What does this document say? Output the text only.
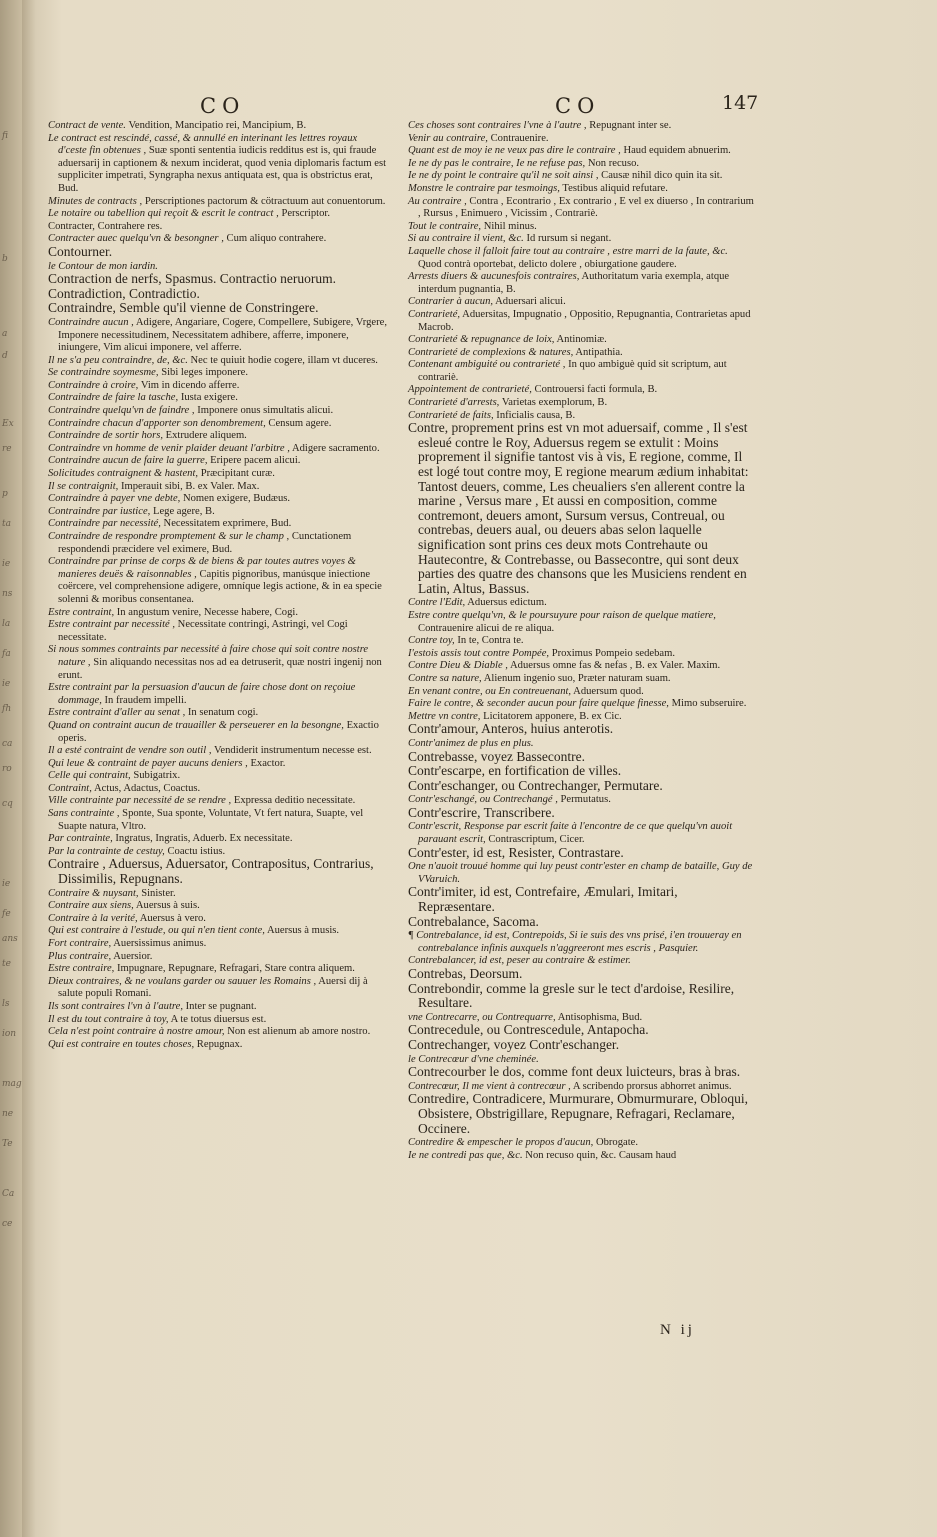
fi
b
a
d
Ex
re
p
ta
ie
ns
la
fa
ie
fh
ca
ro
cq
ie
fe
ans
te
ls
ion
mag
ne
Te
Ca
ce
CO	CO	147

Contract de vente. Vendition, Mancipatio rei, Mancipium, B.

Le contract est rescindé, cassé, & annullé en interinant les lettres royaux d'ceste fin obtenues , Suæ sponti sententia iudicis redditus est is, qui fraude aduersarij in captionem & nexum inciderat, quod venia diplomaris factum est suppliciter impetrati, Syngrapha nexus antiquata est, qua is obstrictus erat, Bud.

Minutes de contracts , Perscriptiones pactorum & cötractuum aut conuentorum.

Le notaire ou tabellion qui reçoit & escrit le contract , Perscriptor.

Contracter, Contrahere res.

Contracter auec quelqu'vn & besongner , Cum aliquo contrahere.

Contourner.

le Contour de mon iardin.

Contraction de nerfs, Spasmus. Contractio neruorum.

Contradiction, Contradictio.

Contraindre, Semble qu'il vienne de Constringere.

Contraindre aucun , Adigere, Angariare, Cogere, Compellere, Subigere, Vrgere, Imponere necessitudinem, Necessitatem adhibere, afferre, imponere, iniungere, Vim alicui imponere, vel afferre.

Il ne s'a peu contraindre, de, &c. Nec te quiuit hodie cogere, illam vt duceres.

Se contraindre soymesme, Sibi leges imponere.

Contraindre à croire, Vim in dicendo afferre.

Contraindre de faire la tasche, Iusta exigere.

Contraindre quelqu'vn de faindre , Imponere onus simultatis alicui.

Contraindre chacun d'apporter son denombrement, Censum agere.

Contraindre de sortir hors, Extrudere aliquem.

Contraindre vn homme de venir plaider deuant l'arbitre , Adigere sacramento.

Contraindre aucun de faire la guerre, Eripere pacem alicui.

Solicitudes contraignent & hastent, Præcipitant curæ.

Il se contraignit, Imperauit sibi, B. ex Valer. Max.

Contraindre à payer vne debte, Nomen exigere, Budæus.

Contraindre par iustice, Lege agere, B.

Contraindre par necessité, Necessitatem exprimere, Bud.

Contraindre de respondre promptement & sur le champ , Cunctationem respondendi præcidere vel eximere, Bud.

Contraindre par prinse de corps & de biens & par toutes autres voyes & manieres deuës & raisonnables , Capitis pignoribus, manúsque iniectione coërcere, vel comprehensione adigere, omníque legis actione, & in ea specie solenni & moribus consentanea.

Estre contraint, In angustum venire, Necesse habere, Cogi.

Estre contraint par necessité , Necessitate contringi, Astringi, vel Cogi necessitate.

Si nous sommes contraints par necessité à faire chose qui soit contre nostre nature , Sin aliquando necessitas nos ad ea detruserit, quæ nostri ingenij non erunt.

Estre contraint par la persuasion d'aucun de faire chose dont on reçoiue dommage, In fraudem impelli.

Estre contraint d'aller au senat , In senatum cogi.

Quand on contraint aucun de trauailler & perseuerer en la besongne, Exactio operis.

Il a esté contraint de vendre son outil , Vendiderit instrumentum necesse est.

Qui leue & contraint de payer aucuns deniers , Exactor.

Celle qui contraint, Subigatrix.

Contraint, Actus, Adactus, Coactus.

Ville contrainte par necessité de se rendre , Expressa deditio necessitate.

Sans contrainte , Sponte, Sua sponte, Voluntate, Vt fert natura, Suapte, vel Suapte natura, Vltro.

Par contrainte, Ingratus, Ingratis, Aduerb. Ex necessitate.

Par la contrainte de cestuy, Coactu istius.

Contraire , Aduersus, Aduersator, Contrapositus, Contrarius, Dissimilis, Repugnans.

Contraire & nuysant, Sinister.

Contraire aux siens, Auersus à suis.

Contraire à la verité, Auersus à vero.

Qui est contraire à l'estude, ou qui n'en tient conte, Auersus à musis.

Fort contraire, Auersissimus animus.

Plus contraire, Auersior.

Estre contraire, Impugnare, Repugnare, Refragari, Stare contra aliquem.

Dieux contraires, & ne voulans garder ou sauuer les Romains , Auersi dij à salute populi Romani.

Ils sont contraires l'vn à l'autre, Inter se pugnant.

Il est du tout contraire à toy, A te totus diuersus est.

Cela n'est point contraire à nostre amour, Non est alienum ab amore nostro.

Qui est contraire en toutes choses, Repugnax.

Ces choses sont contraires l'vne à l'autre , Repugnant inter se.

Venir au contraire, Contrauenire.

Quant est de moy ie ne veux pas dire le contraire , Haud equidem abnuerim.

Ie ne dy pas le contraire, Ie ne refuse pas, Non recuso.

Ie ne dy point le contraire qu'il ne soit ainsi , Causæ nihil dico quin ita sit.

Monstre le contraire par tesmoings, Testibus aliquid refutare.

Au contraire , Contra , Econtrario , Ex contrario , E vel ex diuerso , In contrarium , Rursus , Enimuero , Vicissim , Contrariè.

Tout le contraire, Nihil minus.

Si au contraire il vient, &c. Id rursum si negant.

Laquelle chose il falloit faire tout au contraire , estre marri de la faute, &c. Quod contrà oportebat, delicto dolere , obiurgatione gaudere.

Arrests diuers & aucunesfois contraires, Authoritatum varia exempla, atque interdum pugnantia, B.

Contrarier à aucun, Aduersari alicui.

Contrarieté, Aduersitas, Impugnatio , Oppositio, Repugnantia, Contrarietas apud Macrob.

Contrarieté & repugnance de loix, Antinomiæ.

Contrarieté de complexions & natures, Antipathia.

Contenant ambiguité ou contrarieté , In quo ambiguè quid sit scriptum, aut contrariè.

Appointement de contrarieté, Controuersi facti formula, B.

Contrarieté d'arrests, Varietas exemplorum, B.

Contrarieté de faits, Inficialis causa, B.

Contre, proprement prins est vn mot aduersaif, comme , Il s'est esleué contre le Roy, Aduersus regem se extulit : Moins proprement il signifie tantost vis à vis, E regione, comme, Il est logé tout contre moy, E regione mearum ædium inhabitat: Tantost deuers, comme, Les cheualiers s'en allerent contre la marine , Versus mare , Et aussi en composition, comme contremont, deuers amont, Sursum versus, Contreual, ou contrebas, deuers aual, ou deuers abas selon laquelle signification sont prins ces deux mots Contrehaute ou Hautecontre, & Contrebasse, ou Bassecontre, qui sont deux parties des quatre des chansons que les Musiciens rendent en Latin, Altus, Bassus.

Contre l'Edit, Aduersus edictum.

Estre contre quelqu'vn, & le poursuyure pour raison de quelque matiere, Contrauenire alicui de re aliqua.

Contre toy, In te, Contra te.

I'estois assis tout contre Pompée, Proximus Pompeio sedebam.

Contre Dieu & Diable , Aduersus omne fas & nefas , B. ex Valer. Maxim.

Contre sa nature, Alienum ingenio suo, Præter naturam suam.

En venant contre, ou En contreuenant, Aduersum quod.

Faire le contre, & seconder aucun pour faire quelque finesse, Mimo subseruire.

Mettre vn contre, Licitatorem apponere, B. ex Cic.

Contr'amour, Anteros, huius anterotis.

Contr'animez de plus en plus.

Contrebasse, voyez Bassecontre.

Contr'escarpe, en fortification de villes.

Contr'eschanger, ou Contrechanger, Permutare.

Contr'eschangé, ou Contrechangé , Permutatus.

Contr'escrire, Transcribere.

Contr'escrit, Response par escrit faite à l'encontre de ce que quelqu'vn auoit parauant escrit, Contrascriptum, Cicer.

Contr'ester, id est, Resister, Contrastare.

One n'auoit trouué homme qui luy peust contr'ester en champ de bataille, Guy de VVaruich.

Contr'imiter, id est, Contrefaire, Æmulari, Imitari, Repræsentare.

Contrebalance, Sacoma.

¶ Contrebalance, id est, Contrepoids, Si ie suis des vns prisé, i'en trouueray en contrebalance infinis auxquels n'aggreeront mes escris , Pasquier.

Contrebalancer, id est, peser au contraire & estimer.

Contrebas, Deorsum.

Contrebondir, comme la gresle sur le tect d'ardoise, Resilire, Resultare.

vne Contrecarre, ou Contrequarre, Antisophisma, Bud.

Contrecedule, ou Contrescedule, Antapocha.

Contrechanger, voyez Contr'eschanger.

le Contrecœur d'vne cheminée.

Contrecourber le dos, comme font deux luicteurs, bras à bras.

Contrecœur, Il me vient à contrecœur , A scribendo prorsus abhorret animus.

Contredire, Contradicere, Murmurare, Obmurmurare, Obloqui, Obsistere, Obstrigillare, Repugnare, Refragari, Reclamare, Occinere.

Contredire & empescher le propos d'aucun, Obrogate.

Ie ne contredi pas que, &c. Non recuso quin, &c. Causam haud

N ij
